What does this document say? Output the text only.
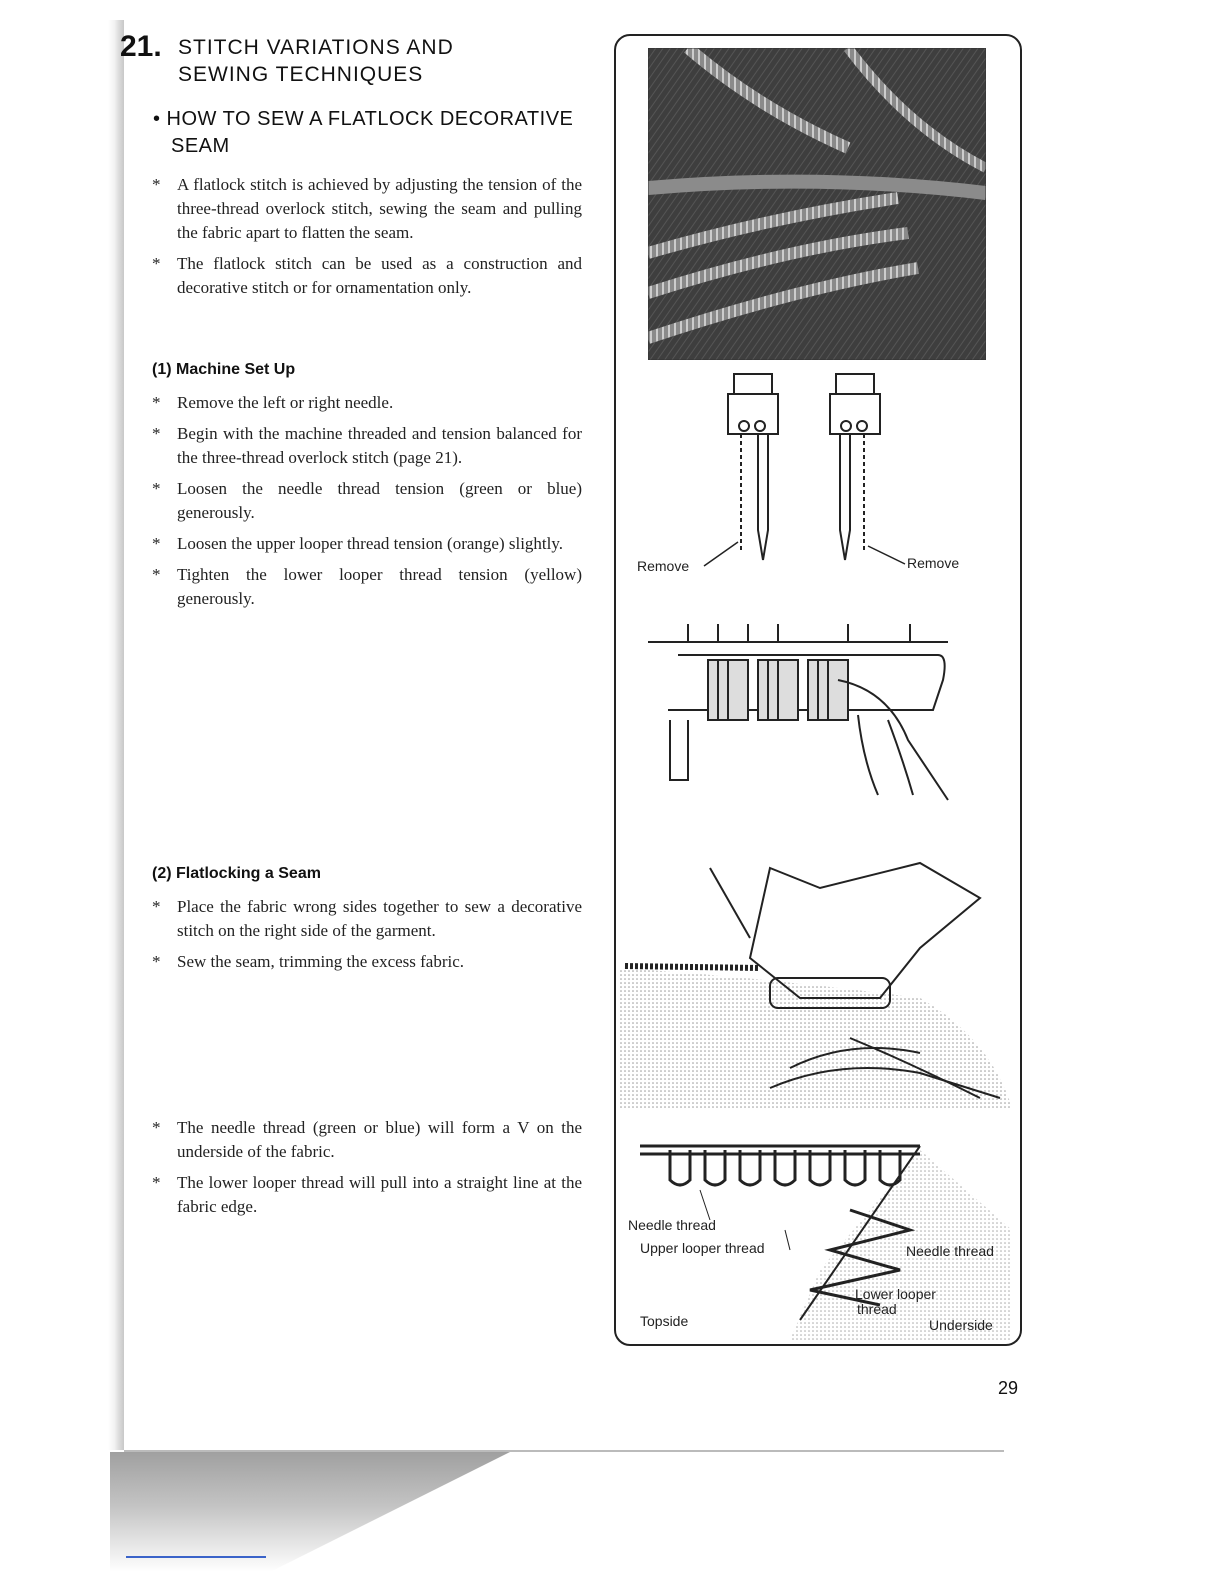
21. STITCH VARIATIONS AND
SEWING TECHNIQUES
• HOW TO SEW A FLATLOCK DECORATIVE
SEAM
* A flatlock stitch is achieved by adjusting the tension of the three-thread overlock stitch, sewing the seam and pulling the fabric apart to flatten the seam.
* The flatlock stitch can be used as a construction and decorative stitch or for ornamentation only.
(1) Machine Set Up
* Remove the left or right needle.
* Begin with the machine threaded and tension balanced for the three-thread overlock stitch (page 21).
* Loosen the needle thread tension (green or blue) generously.
* Loosen the upper looper thread tension (orange) slightly.
* Tighten the lower looper thread tension (yellow) generously.
(2) Flatlocking a Seam
* Place the fabric wrong sides together to sew a decorative stitch on the right side of the garment.
* Sew the seam, trimming the excess fabric.
* The needle thread (green or blue) will form a V on the underside of the fabric.
* The lower looper thread will pull into a straight line at the fabric edge.
Remove	Remove
Needle thread
Upper looper thread	Needle thread
Lower looper
thread
Topside	Underside
29
